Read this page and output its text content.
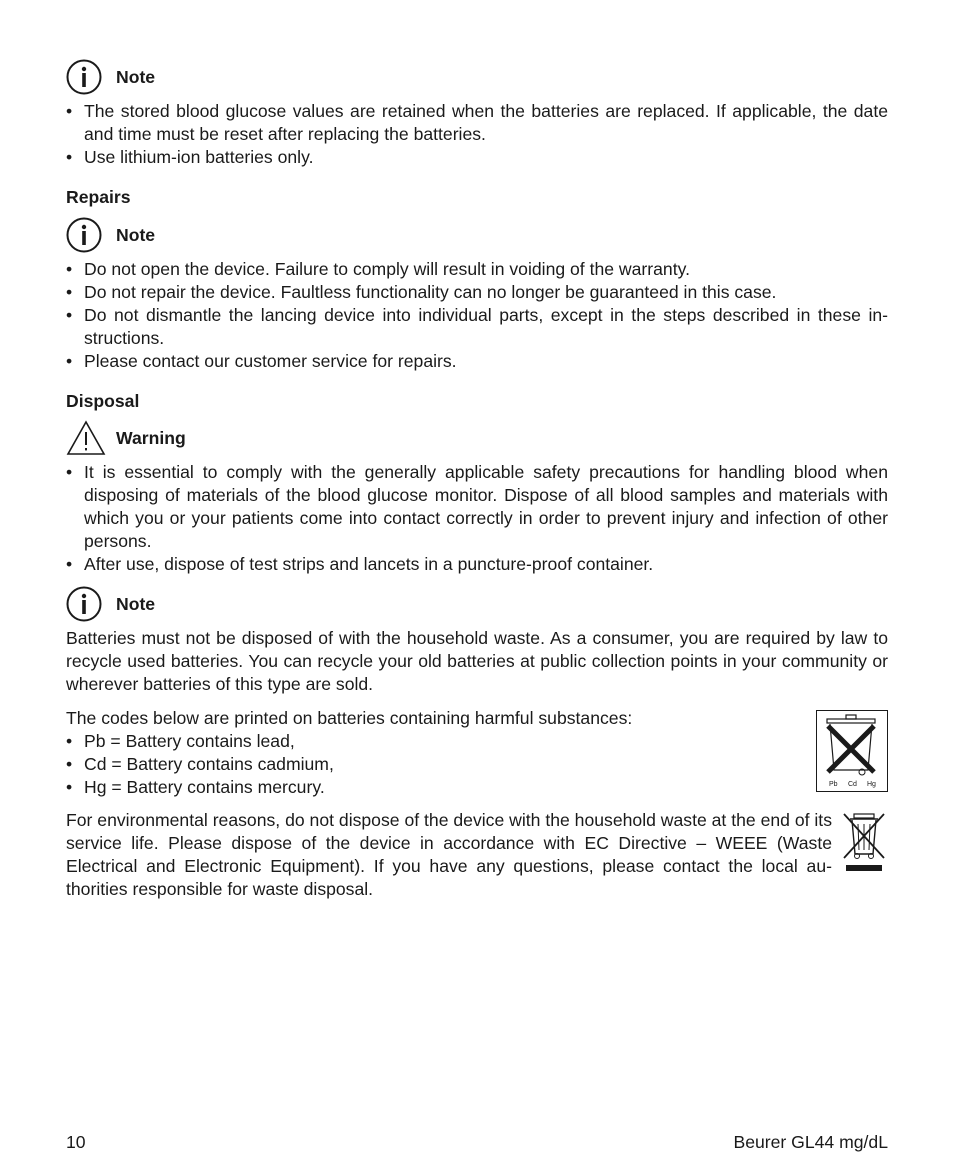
Note
• The stored blood glucose values are retained when the batteries are replaced. If applicable, the date and time must be reset after replacing the batteries.
• Use lithium-ion batteries only.
Repairs
Note
• Do not open the device. Failure to comply will result in voiding of the warranty.
• Do not repair the device. Faultless functionality can no longer be guaranteed in this case.
• Do not dismantle the lancing device into individual parts, except in the steps described in these instructions.
• Please contact our customer service for repairs.
Disposal
Warning
• It is essential to comply with the generally applicable safety precautions for handling blood when disposing of materials of the blood glucose monitor. Dispose of all blood samples and materials with which you or your patients come into contact correctly in order to prevent injury and infection of other persons.
• After use, dispose of test strips and lancets in a puncture-proof container.
Note
Batteries must not be disposed of with the household waste. As a consumer, you are required by law to recycle used batteries. You can recycle your old batteries at public collection points in your community or wherever batteries of this type are sold.
The codes below are printed on batteries containing harmful substances:
• Pb = Battery contains lead,
• Cd = Battery contains cadmium,
• Hg = Battery contains mercury.	Pb Cd Hg
For environmental reasons, do not dispose of the device with the household waste at the end of its service life. Please dispose of the device in accordance with EC Directive – WEEE (Waste Electrical and Electronic Equipment). If you have any questions, please contact the local authorities responsible for waste disposal.
10	Beurer GL44 mg/dL
